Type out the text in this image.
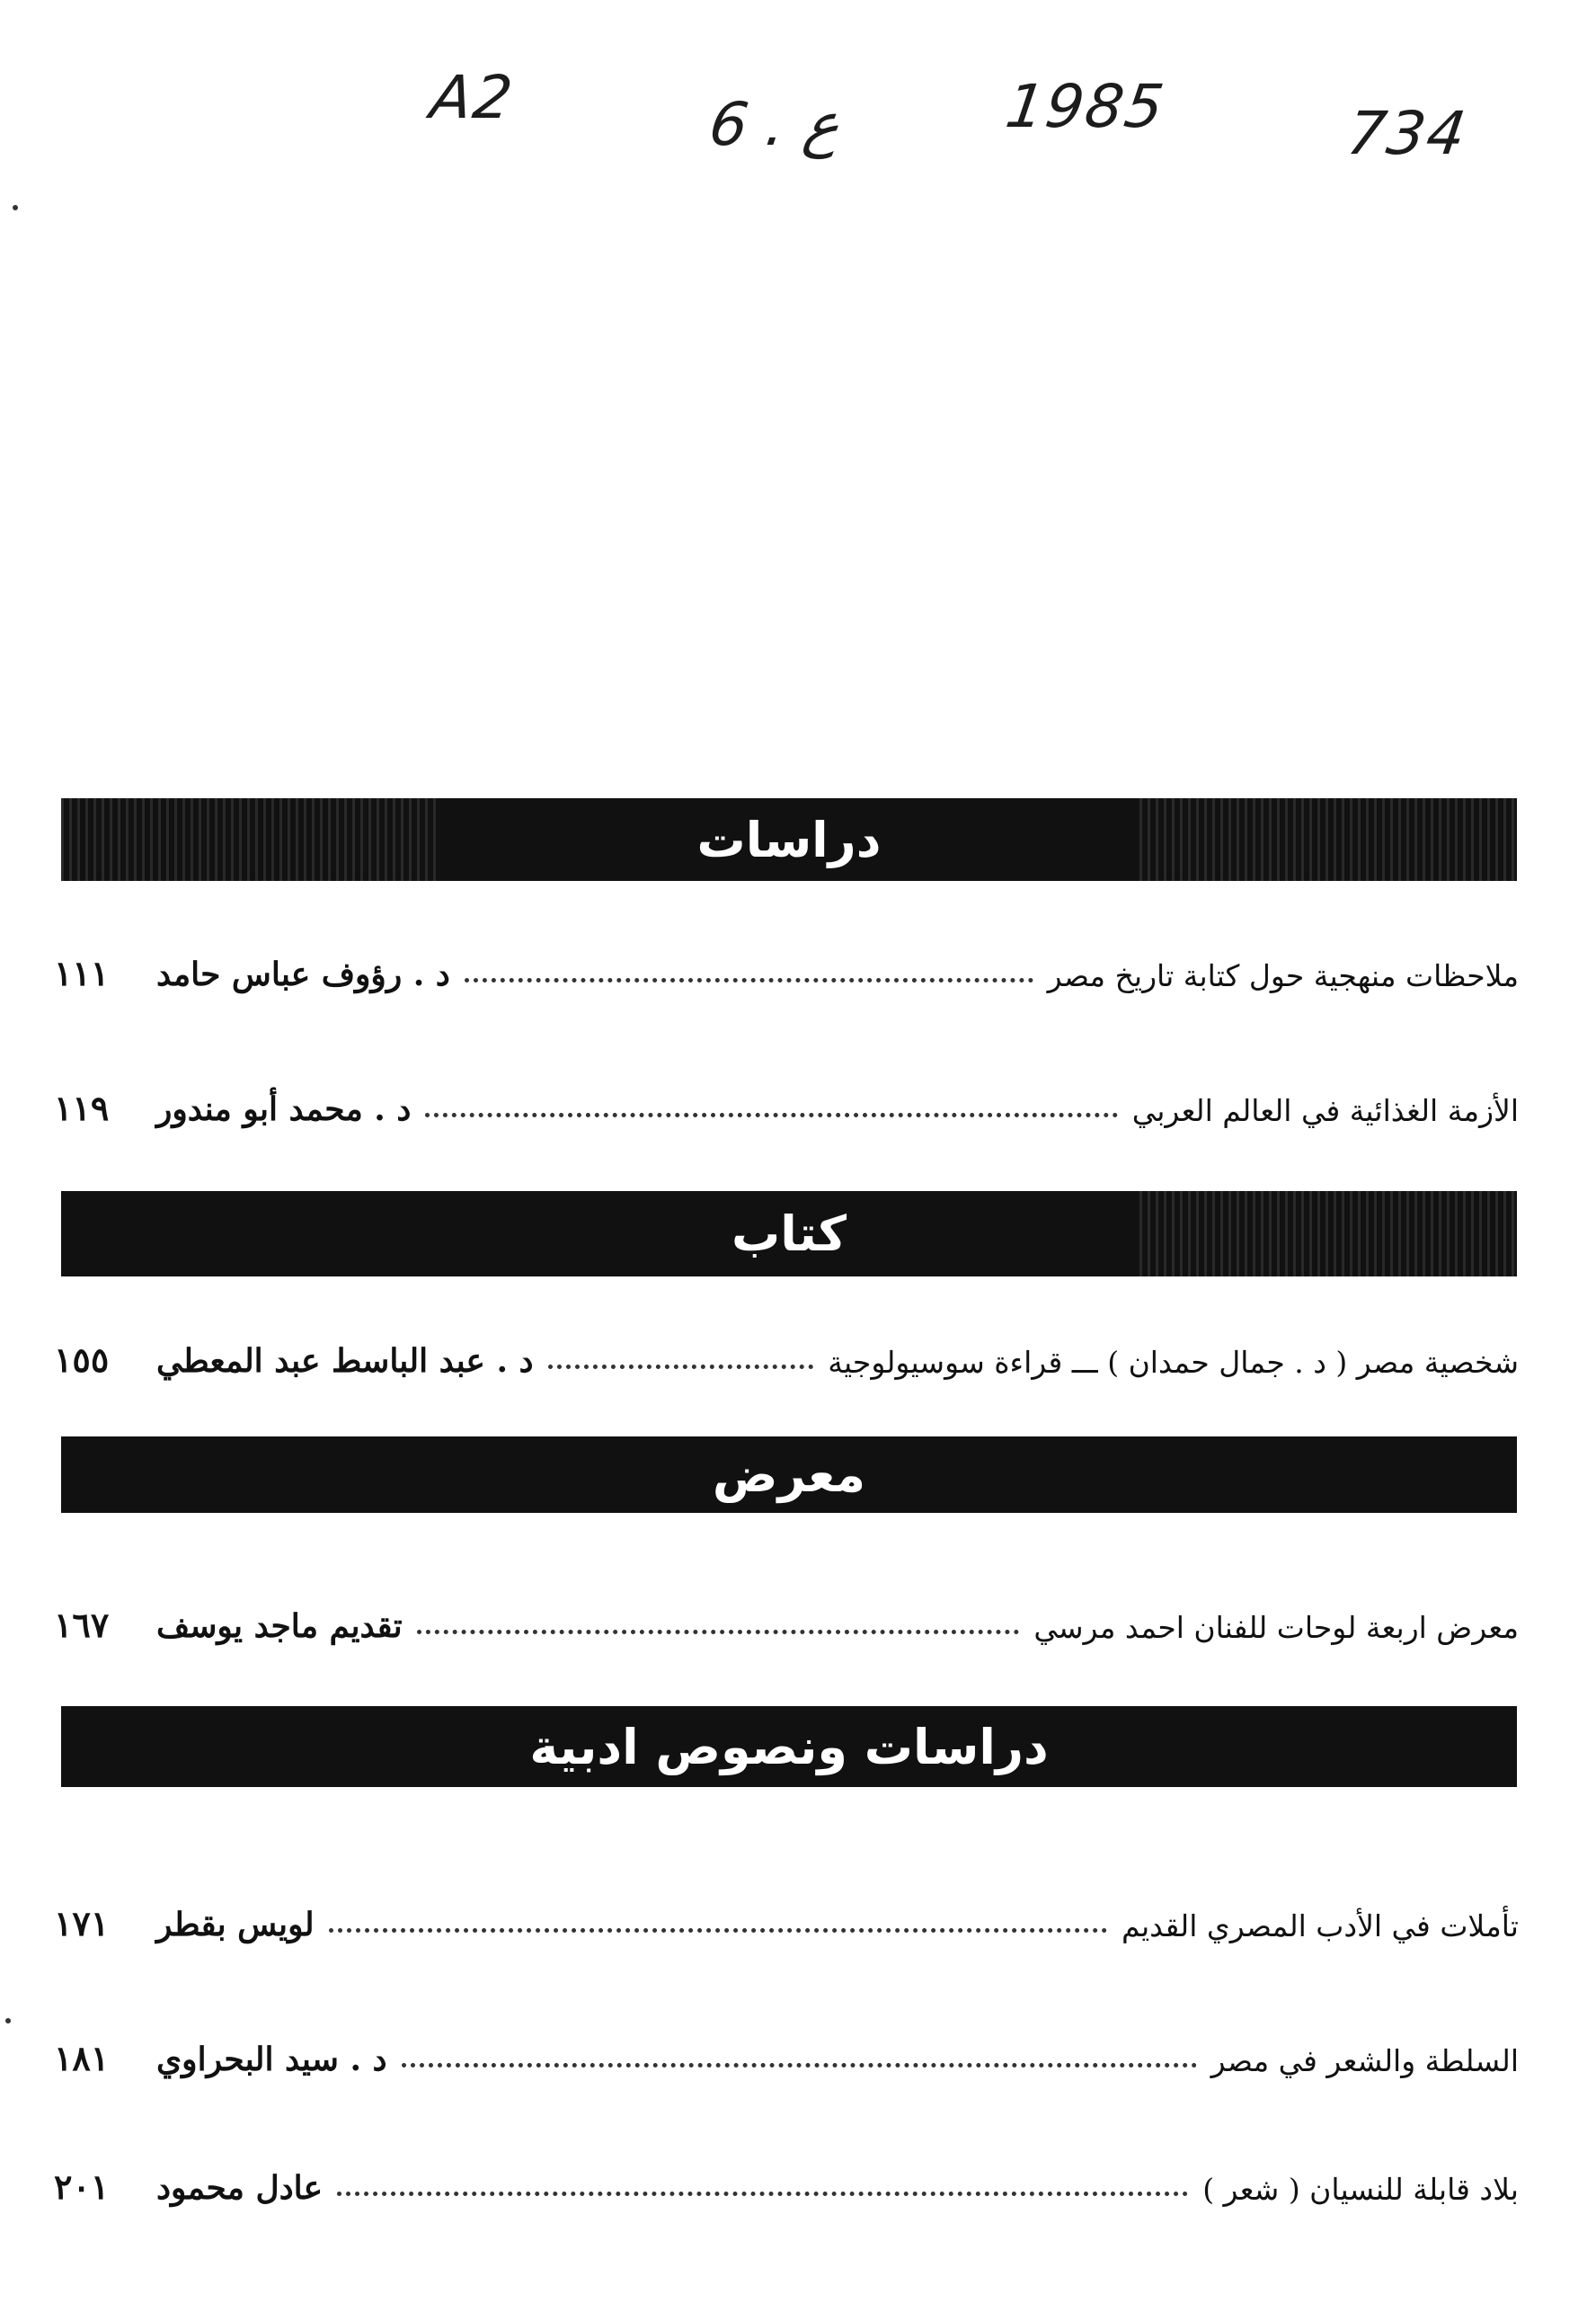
A2	6 . ع	1985	734
دراسات
١١١	د . رؤوف عباس حامد	ملاحظات منهجية حول كتابة تاريخ مصر
١١٩	د . محمد أبو مندور	الأزمة الغذائية في العالم العربي
كتاب
١٥٥	د . عبد الباسط عبد المعطي	شخصية مصر ( د . جمال حمدان ) ـــ قراءة سوسيولوجية
معرض
١٦٧	تقديم ماجد يوسف	معرض اربعة لوحات للفنان احمد مرسي
دراسات ونصوص ادبية
١٧١	لويس بقطر	تأملات في الأدب المصري القديم
١٨١	د . سيد البحراوي	السلطة والشعر في مصر
٢٠١	عادل محمود	بلاد قابلة للنسيان ( شعر )
